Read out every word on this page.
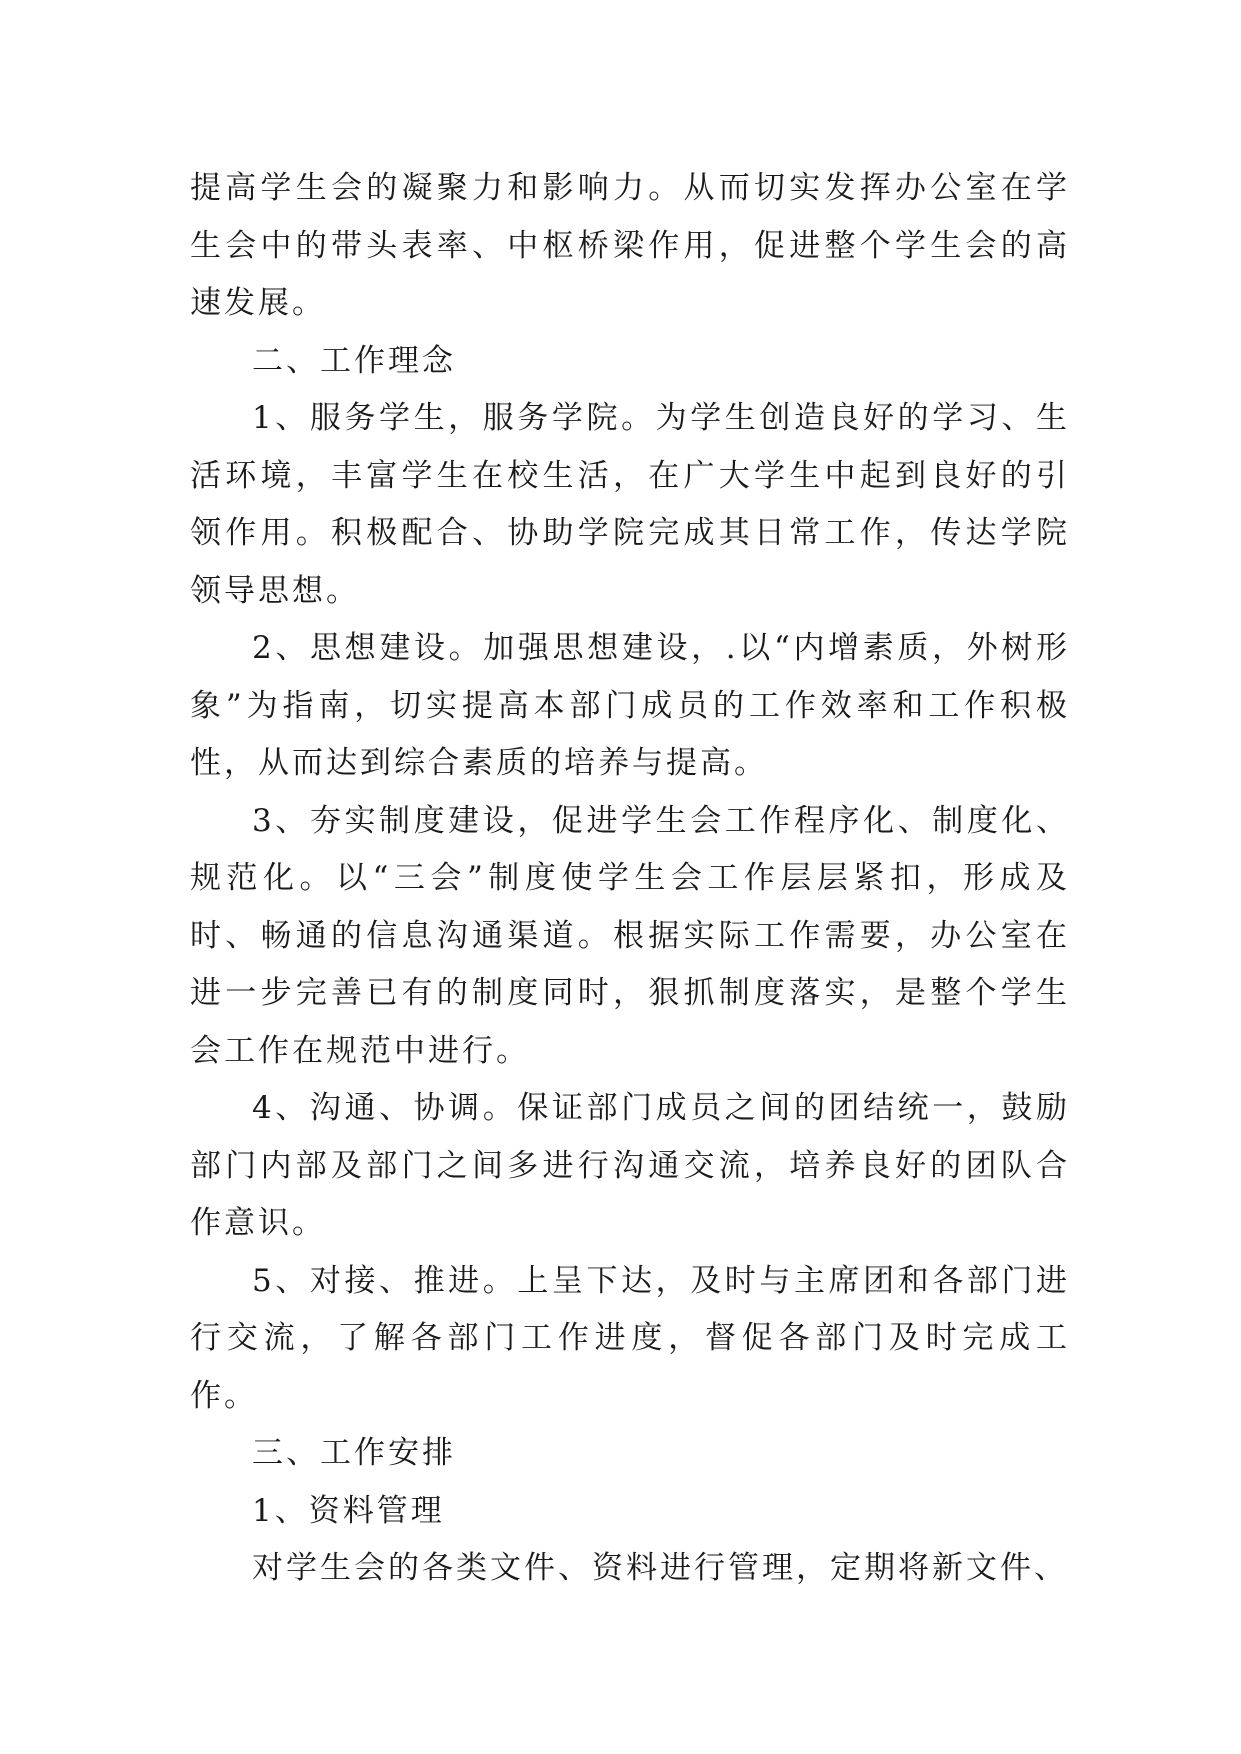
提高学生会的凝聚力和影响力。从而切实发挥办公室在学生会中的带头表率、中枢桥梁作用，促进整个学生会的高速发展。

二、工作理念

1、服务学生，服务学院。为学生创造良好的学习、生活环境，丰富学生在校生活，在广大学生中起到良好的引领作用。积极配合、协助学院完成其日常工作，传达学院领导思想。

2、思想建设。加强思想建设，.以“内增素质，外树形象”为指南，切实提高本部门成员的工作效率和工作积极性，从而达到综合素质的培养与提高。

3、夯实制度建设，促进学生会工作程序化、制度化、规范化。以“三会”制度使学生会工作层层紧扣，形成及时、畅通的信息沟通渠道。根据实际工作需要，办公室在进一步完善已有的制度同时，狠抓制度落实，是整个学生会工作在规范中进行。

4、沟通、协调。保证部门成员之间的团结统一，鼓励部门内部及部门之间多进行沟通交流，培养良好的团队合作意识。

5、对接、推进。上呈下达，及时与主席团和各部门进行交流，了解各部门工作进度，督促各部门及时完成工作。

三、工作安排

1、资料管理

对学生会的各类文件、资料进行管理，定期将新文件、
